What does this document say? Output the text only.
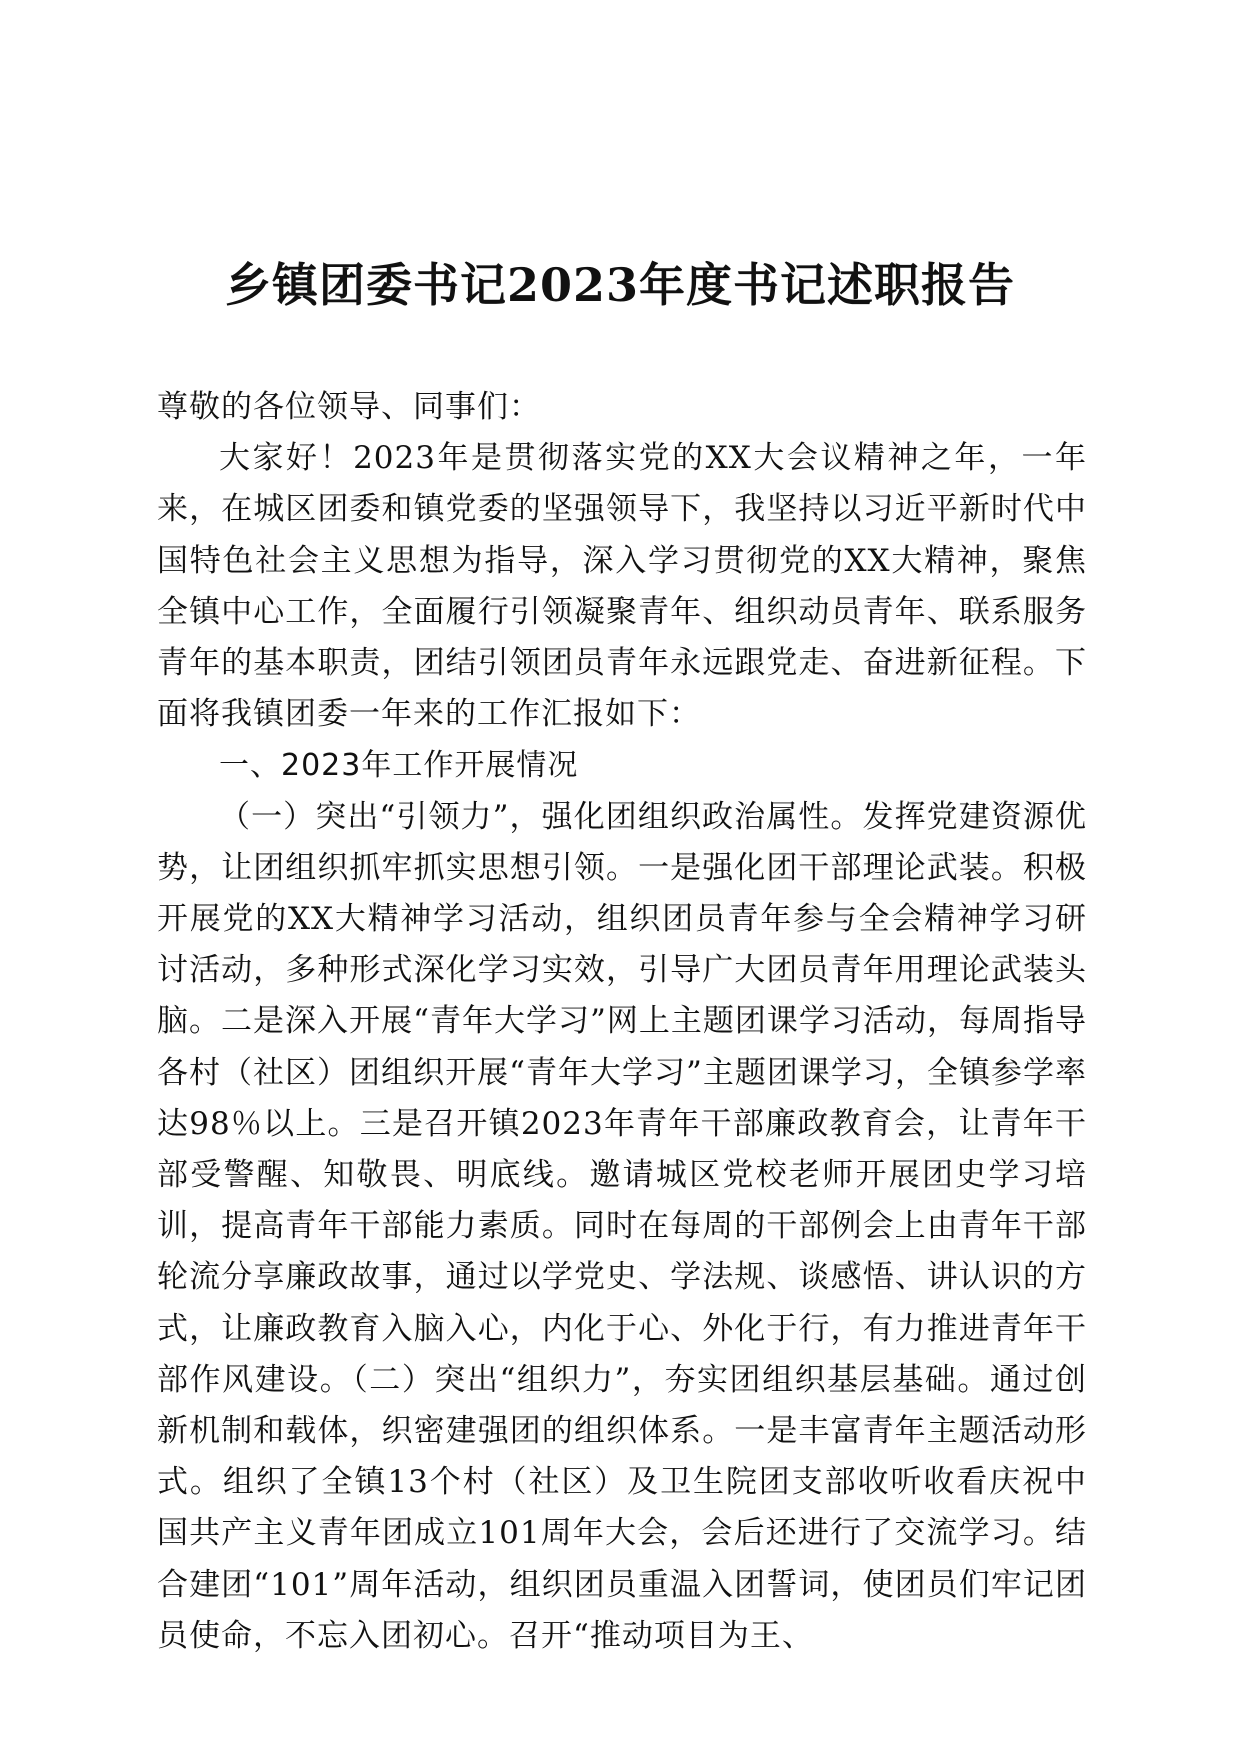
乡镇团委书记2023年度书记述职报告

尊敬的各位领导、同事们：

大家好！2023年是贯彻落实党的XX大会议精神之年，一年来，在城区团委和镇党委的坚强领导下，我坚持以习近平新时代中国特色社会主义思想为指导，深入学习贯彻党的XX大精神，聚焦全镇中心工作，全面履行引领凝聚青年、组织动员青年、联系服务青年的基本职责，团结引领团员青年永远跟党走、奋进新征程。下面将我镇团委一年来的工作汇报如下：

一、2023年工作开展情况

（一）突出“引领力”，强化团组织政治属性。发挥党建资源优势，让团组织抓牢抓实思想引领。一是强化团干部理论武装。积极开展党的XX大精神学习活动，组织团员青年参与全会精神学习研讨活动，多种形式深化学习实效，引导广大团员青年用理论武装头脑。二是深入开展“青年大学习”网上主题团课学习活动，每周指导各村（社区）团组织开展“青年大学习”主题团课学习，全镇参学率达98％以上。三是召开镇2023年青年干部廉政教育会，让青年干部受警醒、知敬畏、明底线。邀请城区党校老师开展团史学习培训，提高青年干部能力素质。同时在每周的干部例会上由青年干部轮流分享廉政故事，通过以学党史、学法规、谈感悟、讲认识的方式，让廉政教育入脑入心，内化于心、外化于行，有力推进青年干部作风建设。（二）突出“组织力”，夯实团组织基层基础。通过创新机制和载体，织密建强团的组织体系。一是丰富青年主题活动形式。组织了全镇13个村（社区）及卫生院团支部收听收看庆祝中国共产主义青年团成立101周年大会，会后还进行了交流学习。结合建团“101”周年活动，组织团员重温入团誓词，使团员们牢记团员使命，不忘入团初心。召开“推动项目为王、
